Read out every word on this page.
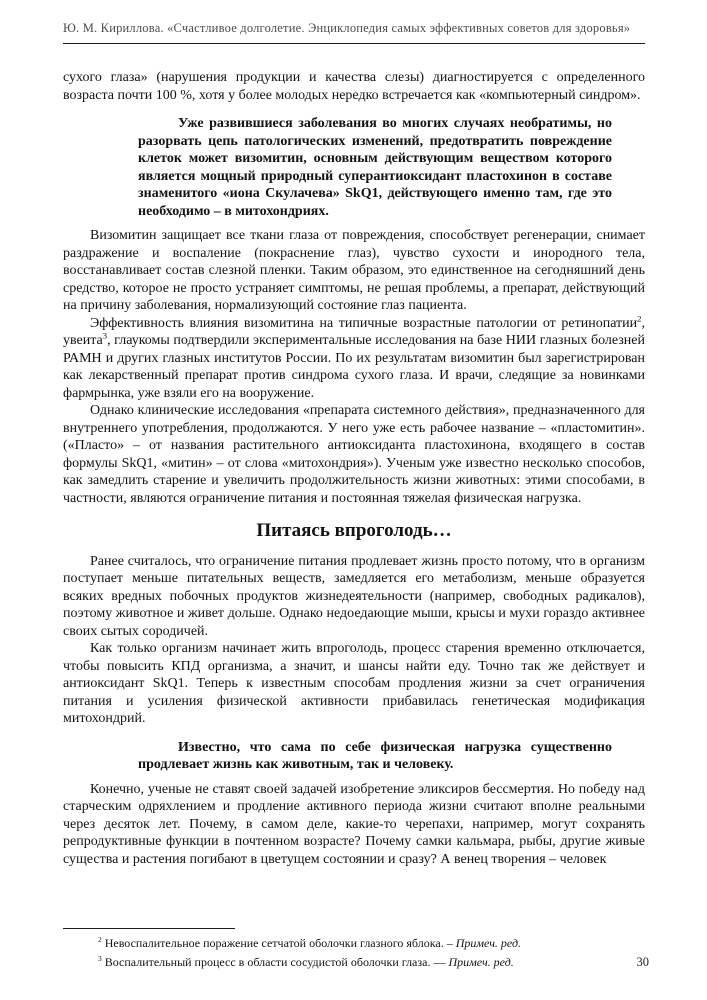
Ю. М. Кириллова. «Счастливое долголетие. Энциклопедия самых эффективных советов для здоровья»

сухого глаза» (нарушения продукции и качества слезы) диагностируется с определенного возраста почти 100 %, хотя у более молодых нередко встречается как «компьютерный синдром».

Уже развившиеся заболевания во многих случаях необратимы, но разорвать цепь патологических изменений, предотвратить повреждение клеток может визомитин, основным действующим веществом которого является мощный природный суперантиоксидант пластохинон в составе знаменитого «иона Скулачева» SkQ1, действующего именно там, где это необходимо – в митохондриях.

Визомитин защищает все ткани глаза от повреждения, способствует регенерации, снимает раздражение и воспаление (покраснение глаз), чувство сухости и инородного тела, восстанавливает состав слезной пленки. Таким образом, это единственное на сегодняшний день средство, которое не просто устраняет симптомы, не решая проблемы, а препарат, действующий на причину заболевания, нормализующий состояние глаз пациента.

Эффективность влияния визомитина на типичные возрастные патологии от ретинопатии$^2$, увеита$^3$, глаукомы подтвердили экспериментальные исследования на базе НИИ глазных болезней РАМН и других глазных институтов России. По их результатам визомитин был зарегистрирован как лекарственный препарат против синдрома сухого глаза. И врачи, следящие за новинками фармрынка, уже взяли его на вооружение.

Однако клинические исследования «препарата системного действия», предназначенного для внутреннего употребления, продолжаются. У него уже есть рабочее название – «пластомитин». («Пласто» – от названия растительного антиоксиданта пластохинона, входящего в состав формулы SkQ1, «митин» – от слова «митохондрия»). Ученым уже известно несколько способов, как замедлить старение и увеличить продолжительность жизни животных: этими способами, в частности, являются ограничение питания и постоянная тяжелая физическая нагрузка.

Питаясь впроголодь…

Ранее считалось, что ограничение питания продлевает жизнь просто потому, что в организм поступает меньше питательных веществ, замедляется его метаболизм, меньше образуется всяких вредных побочных продуктов жизнедеятельности (например, свободных радикалов), поэтому животное и живет дольше. Однако недоедающие мыши, крысы и мухи гораздо активнее своих сытых сородичей.

Как только организм начинает жить впроголодь, процесс старения временно отключается, чтобы повысить КПД организма, а значит, и шансы найти еду. Точно так же действует и антиоксидант SkQ1. Теперь к известным способам продления жизни за счет ограничения питания и усиления физической активности прибавилась генетическая модификация митохондрий.

Известно, что сама по себе физическая нагрузка существенно продлевает жизнь как животным, так и человеку.

Конечно, ученые не ставят своей задачей изобретение эликсиров бессмертия. Но победу над старческим одряхлением и продление активного периода жизни считают вполне реальными через десяток лет. Почему, в самом деле, какие-то черепахи, например, могут сохранять репродуктивные функции в почтенном возрасте? Почему самки кальмара, рыбы, другие живые существа и растения погибают в цветущем состоянии и сразу? А венец творения – человек

$^2$ Невоспалительное поражение сетчатой оболочки глазного яблока. – Примеч. ред.

$^3$ Воспалительный процесс в области сосудистой оболочки глаза. — Примеч. ред.	30
